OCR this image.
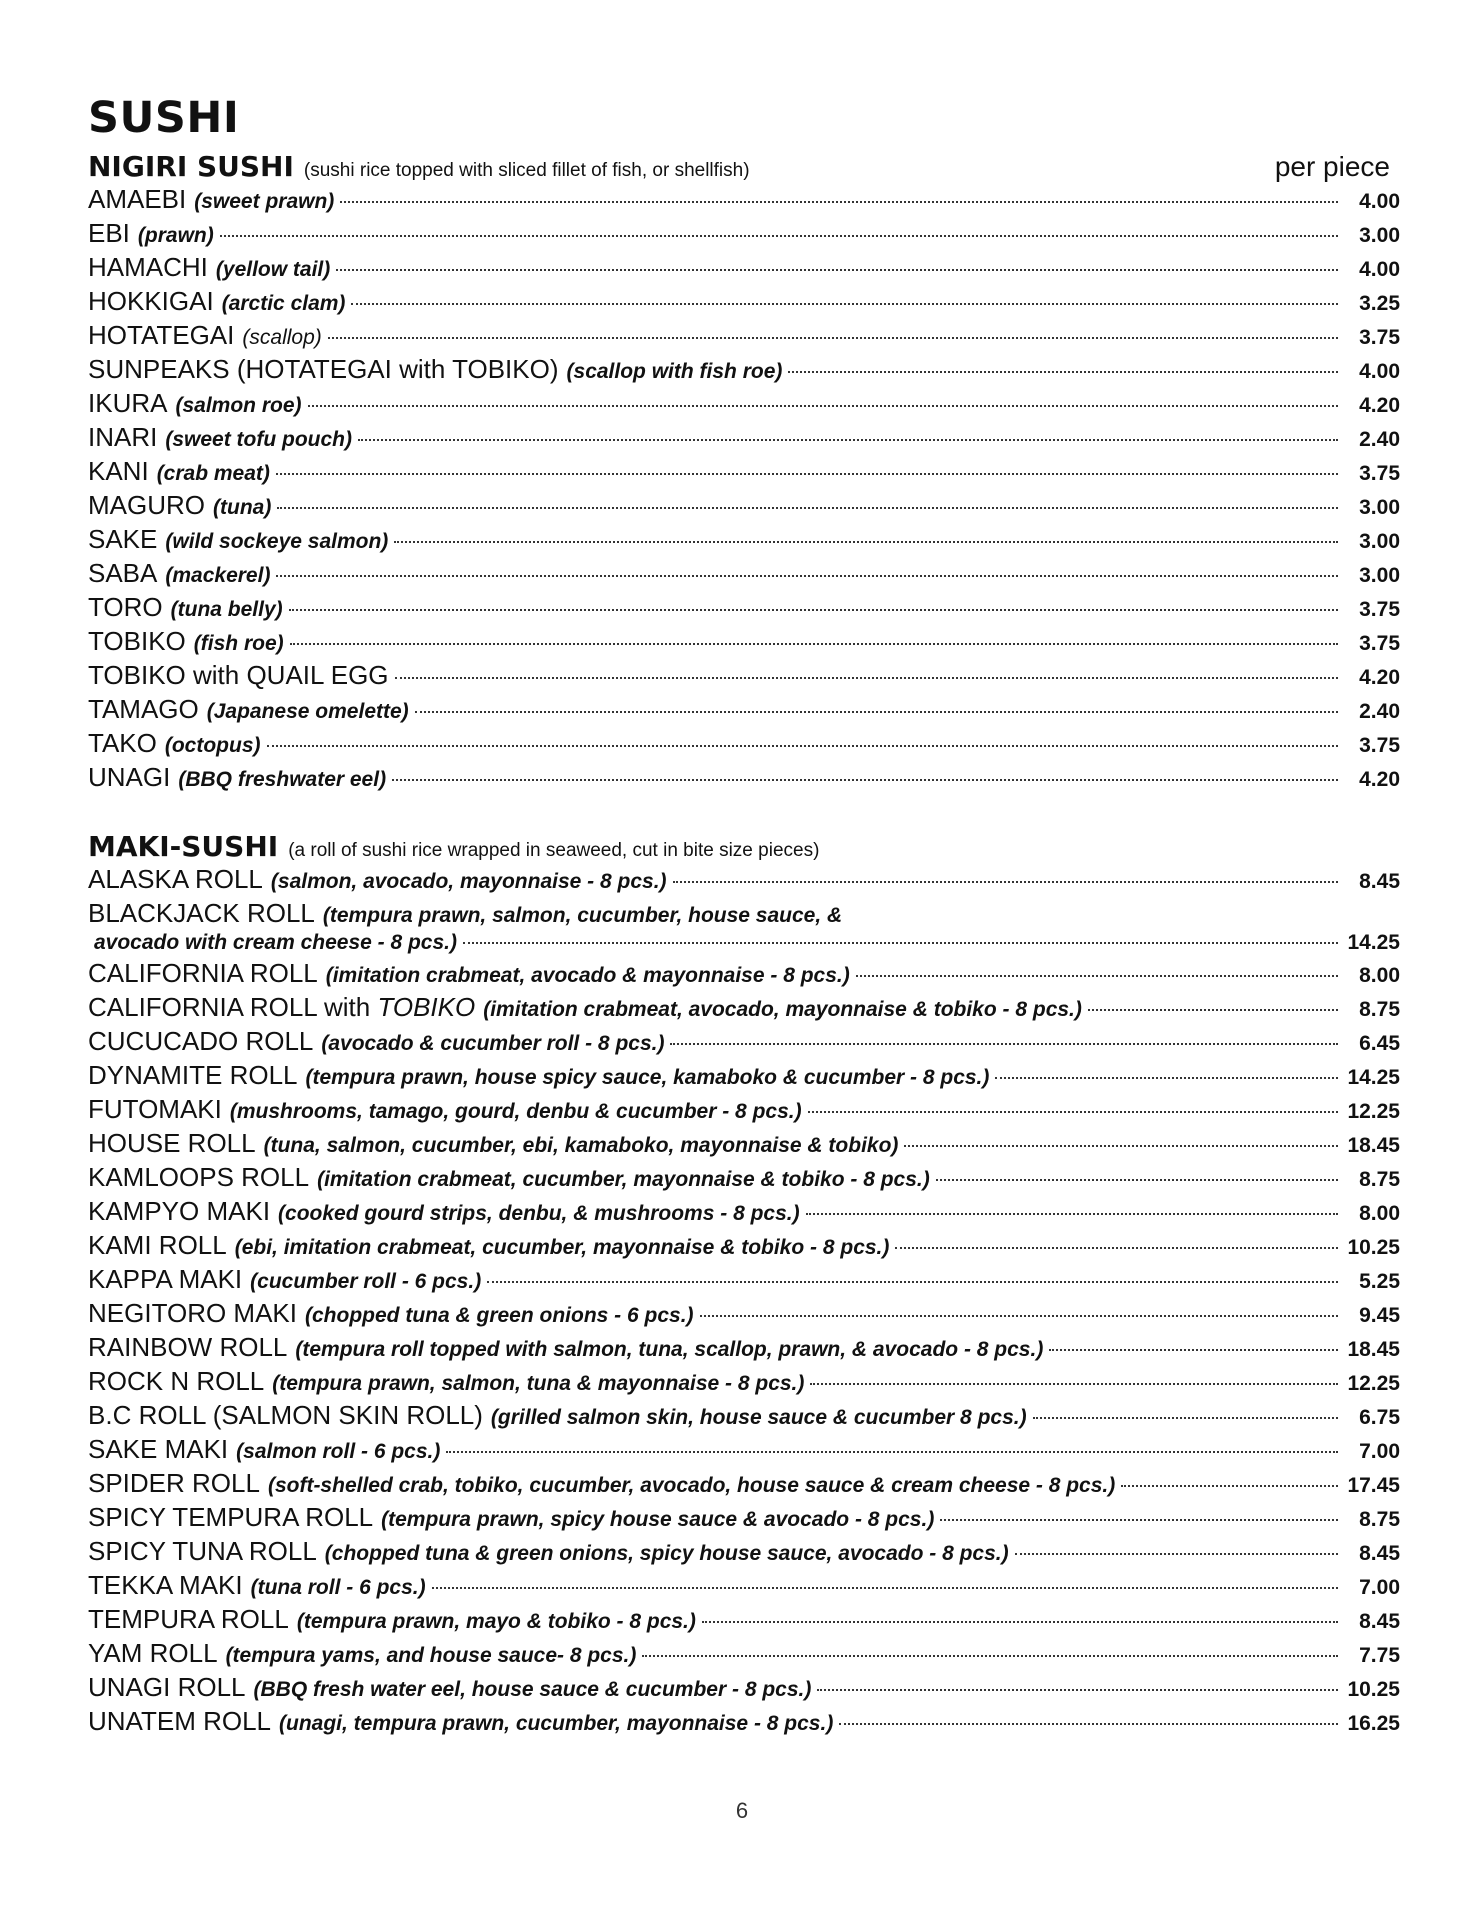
SUSHI
NIGIRI SUSHI (sushi rice topped with sliced fillet of fish, or shellfish)	per piece
AMAEBI (sweet prawn)	4.00
EBI (prawn)	3.00
HAMACHI (yellow tail)	4.00
HOKKIGAI (arctic clam)	3.25
HOTATEGAI (scallop)	3.75
SUNPEAKS (HOTATEGAI with TOBIKO) (scallop with fish roe)	4.00
IKURA (salmon roe)	4.20
INARI (sweet tofu pouch)	2.40
KANI (crab meat)	3.75
MAGURO (tuna)	3.00
SAKE (wild sockeye salmon)	3.00
SABA (mackerel)	3.00
TORO (tuna belly)	3.75
TOBIKO (fish roe)	3.75
TOBIKO with QUAIL EGG	4.20
TAMAGO (Japanese omelette)	2.40
TAKO (octopus)	3.75
UNAGI (BBQ freshwater eel)	4.20
MAKI-SUSHI (a roll of sushi rice wrapped in seaweed, cut in bite size pieces)
ALASKA ROLL (salmon, avocado, mayonnaise - 8 pcs.)	8.45
BLACKJACK ROLL (tempura prawn, salmon, cucumber, house sauce, &
avocado with cream cheese - 8 pcs.)	14.25
CALIFORNIA ROLL (imitation crabmeat, avocado & mayonnaise - 8 pcs.)	8.00
CALIFORNIA ROLL with TOBIKO (imitation crabmeat, avocado, mayonnaise & tobiko - 8 pcs.)	8.75
CUCUCADO ROLL (avocado & cucumber roll - 8 pcs.)	6.45
DYNAMITE ROLL (tempura prawn, house spicy sauce, kamaboko & cucumber - 8 pcs.)	14.25
FUTOMAKI (mushrooms, tamago, gourd, denbu & cucumber - 8 pcs.)	12.25
HOUSE ROLL (tuna, salmon, cucumber, ebi, kamaboko, mayonnaise & tobiko)	18.45
KAMLOOPS ROLL (imitation crabmeat, cucumber, mayonnaise & tobiko - 8 pcs.)	8.75
KAMPYO MAKI (cooked gourd strips, denbu, & mushrooms - 8 pcs.)	8.00
KAMI ROLL (ebi, imitation crabmeat, cucumber, mayonnaise & tobiko - 8 pcs.)	10.25
KAPPA MAKI (cucumber roll - 6 pcs.)	5.25
NEGITORO MAKI (chopped tuna & green onions - 6 pcs.)	9.45
RAINBOW ROLL (tempura roll topped with salmon, tuna, scallop, prawn, & avocado - 8 pcs.)	18.45
ROCK N ROLL (tempura prawn, salmon, tuna & mayonnaise - 8 pcs.)	12.25
B.C ROLL (SALMON SKIN ROLL) (grilled salmon skin, house sauce & cucumber 8 pcs.)	6.75
SAKE MAKI (salmon roll - 6 pcs.)	7.00
SPIDER ROLL (soft-shelled crab, tobiko, cucumber, avocado, house sauce & cream cheese - 8 pcs.)	17.45
SPICY TEMPURA ROLL (tempura prawn, spicy house sauce & avocado - 8 pcs.)	8.75
SPICY TUNA ROLL (chopped tuna & green onions, spicy house sauce, avocado - 8 pcs.)	8.45
TEKKA MAKI (tuna roll - 6 pcs.)	7.00
TEMPURA ROLL (tempura prawn, mayo & tobiko - 8 pcs.)	8.45
YAM ROLL (tempura yams, and house sauce- 8 pcs.)	7.75
UNAGI ROLL (BBQ fresh water eel, house sauce & cucumber - 8 pcs.)	10.25
UNATEM ROLL (unagi, tempura prawn, cucumber, mayonnaise - 8 pcs.)	16.25
6
